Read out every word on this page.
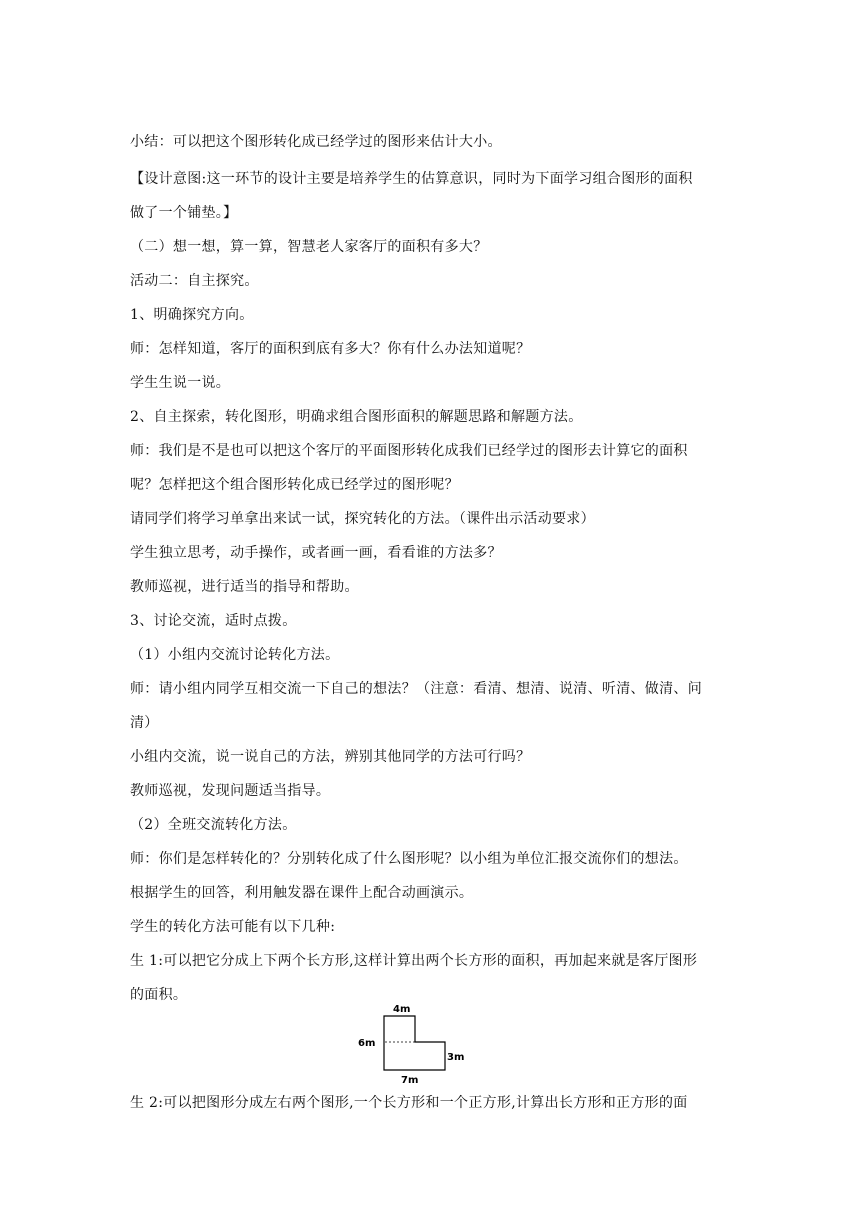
小结：可以把这个图形转化成已经学过的图形来估计大小。
【设计意图:这一环节的设计主要是培养学生的估算意识，同时为下面学习组合图形的面积
做了一个铺垫。】
（二）想一想，算一算，智慧老人家客厅的面积有多大？
活动二：自主探究。
1、明确探究方向。
师：怎样知道，客厅的面积到底有多大？你有什么办法知道呢？
学生生说一说。
2、自主探索，转化图形，明确求组合图形面积的解题思路和解题方法。
师：我们是不是也可以把这个客厅的平面图形转化成我们已经学过的图形去计算它的面积
呢？怎样把这个组合图形转化成已经学过的图形呢？
请同学们将学习单拿出来试一试，探究转化的方法。（课件出示活动要求）
学生独立思考，动手操作，或者画一画，看看谁的方法多？
教师巡视，进行适当的指导和帮助。
3、讨论交流，适时点拨。
（1）小组内交流讨论转化方法。
师：请小组内同学互相交流一下自己的想法？（注意：看清、想清、说清、听清、做清、问
清）
小组内交流，说一说自己的方法，辨别其他同学的方法可行吗？
教师巡视，发现问题适当指导。
（2）全班交流转化方法。
师：你们是怎样转化的？分别转化成了什么图形呢？以小组为单位汇报交流你们的想法。
根据学生的回答，利用触发器在课件上配合动画演示。
学生的转化方法可能有以下几种:
生 1:可以把它分成上下两个长方形,这样计算出两个长方形的面积，再加起来就是客厅图形
的面积。
4m
6m
3m
7m
生 2:可以把图形分成左右两个图形,一个长方形和一个正方形,计算出长方形和正方形的面
